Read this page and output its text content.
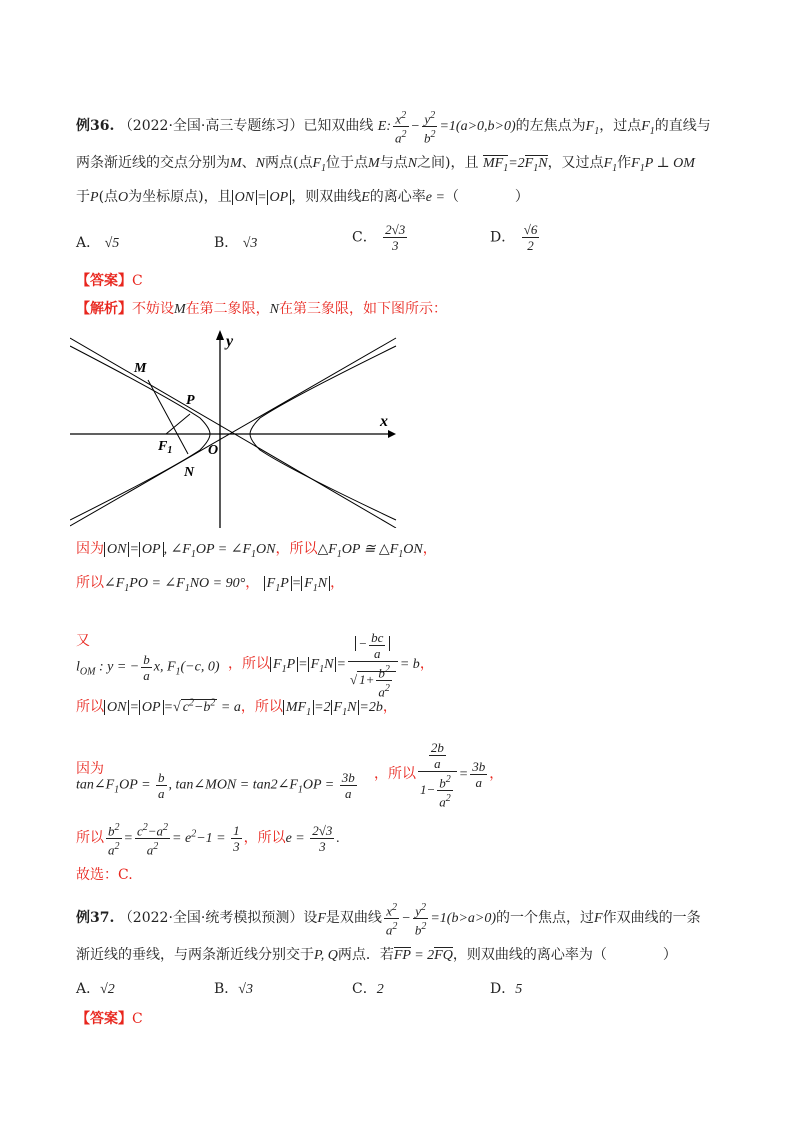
例36. （2022·全国·高三专题练习）已知双曲线 E: $\frac{x^2}{a^2} - \frac{y^2}{b^2} =1(a>0,b>0)$的左焦点为$F_1$，过点$F_1$的直线与
两条渐近线的交点分别为M、N两点(点$F_1$位于点M与点N之间)，且 $MF_1=2F_1N$，又过点$F_1$作$F_1P$ ⊥ OM
于P(点O为坐标原点)，且 ON = OP ，则双曲线E的离心率e =（　　　　）
A． √5	B． √3	C． $\frac{2√3}{3}$	D． $\frac{√6}{2}$
【答案】C
【解析】不妨设M在第二象限，N在第三象限，如下图所示：
y
x
M
P
$F_1$	O
N
因为 ON = OP , $\angle F_1OP$ = $\angle F_1ON$，所以$\triangle F_1OP$ ≅ $\triangle F_1ON$，
所以$\angle F_1PO$ = $\angle F_1NO = 90^\circ$， $F_1P = F_1N$ ，
又
$l_{OM}$ : y = − $\frac{b}{a} x$, $F_1(-c$, 0) ，所以 $F_1P = F_1N = \frac{- \frac{bc}{a}}{√ 1+ \frac{b^2}{a^2}} = b$，
所以 ON = OP =√ $c^2-b^2 = a$，所以 $MF_1 =2$ $F_1N =2b$，
因为
$\tan\angle F_1OP = \frac{b}{a}$ , tan∠MON = $\tan 2\angle F_1OP = \frac{3b}{a}$ ，所以 $\frac{\frac{2b}{a}}{1- \frac{b^2}{a^2}} = \frac{3b}{a}$ ，
所以 $\frac{b^2}{a^2} = \frac{c^2-a^2}{a^2} = e^2-1 = \frac{1}{3}$ ，所以$e = \frac{2√3}{3}$ .
故选：C.
例37. （2022·全国·统考模拟预测）设F是双曲线 $\frac{x^2}{a^2} - \frac{y^2}{b^2} =1(b>a>0)$的一个焦点，过F作双曲线的一条
渐近线的垂线，与两条渐近线分别交于P, Q两点．若FP = 2FQ，则双曲线的离心率为（　　　　）
A．√2	B．√3	C．2	D．5
【答案】C
